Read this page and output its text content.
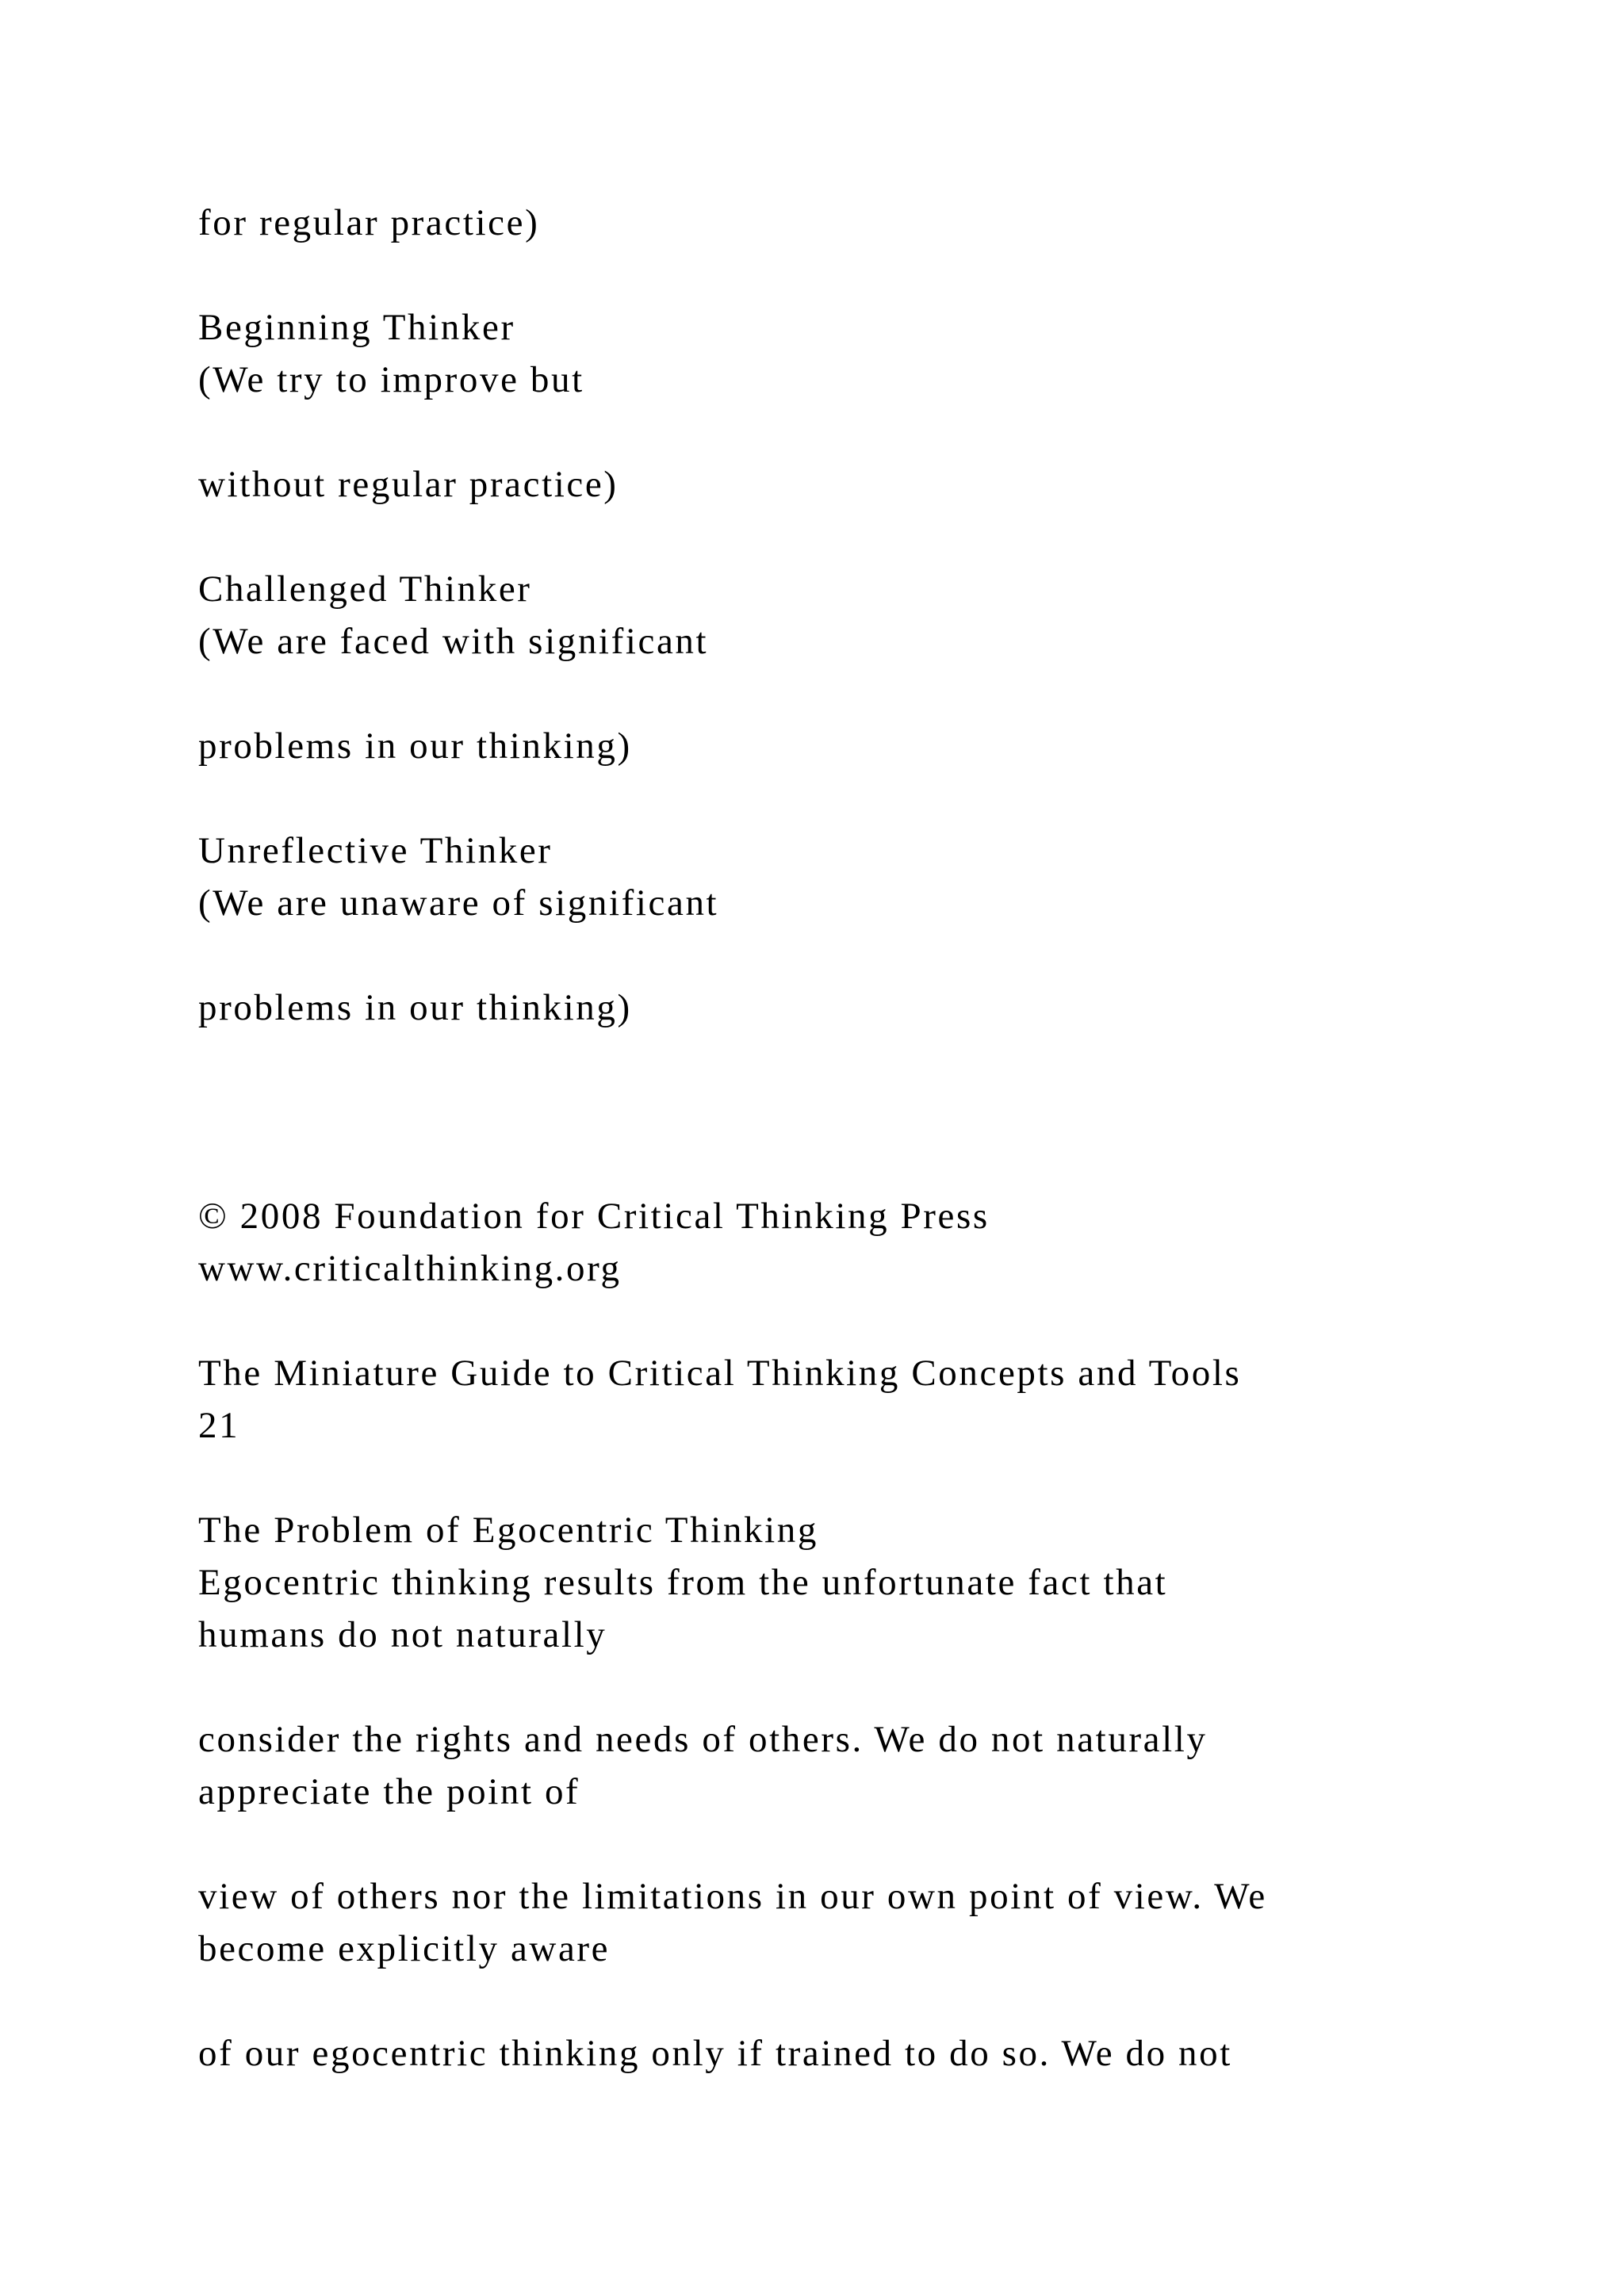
for regular practice)
Beginning Thinker
(We try to improve but
without regular practice)
Challenged Thinker
(We are faced with significant
problems in our thinking)
Unreflective Thinker
(We are unaware of significant
problems in our thinking)
© 2008 Foundation for Critical Thinking Press
www.criticalthinking.org
The Miniature Guide to Critical Thinking Concepts and Tools
21
The Problem of Egocentric Thinking
Egocentric thinking results from the unfortunate fact that
humans do not naturally
consider the rights and needs of others. We do not naturally
appreciate the point of
view of others nor the limitations in our own point of view. We
become explicitly aware
of our egocentric thinking only if trained to do so. We do not
